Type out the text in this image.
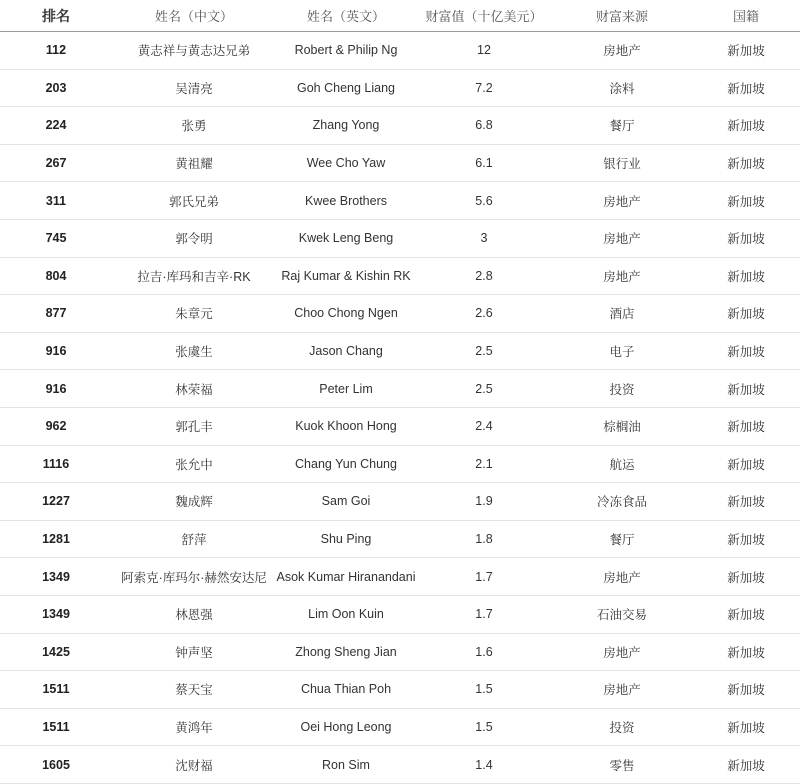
排名	姓名（中文）	姓名（英文）	财富值（十亿美元）	财富来源	国籍
112	黄志祥与黄志达兄弟	Robert & Philip Ng	12	房地产	新加坡
203	吴清亮	Goh Cheng Liang	7.2	涂料	新加坡
224	张勇	Zhang Yong	6.8	餐厅	新加坡
267	黄祖耀	Wee Cho Yaw	6.1	银行业	新加坡
311	郭氏兄弟	Kwee Brothers	5.6	房地产	新加坡
745	郭令明	Kwek Leng Beng	3	房地产	新加坡
804	拉吉·库玛和吉辛·RK	Raj Kumar & Kishin RK	2.8	房地产	新加坡
877	朱章元	Choo Chong Ngen	2.6	酒店	新加坡
916	张虞生	Jason Chang	2.5	电子	新加坡
916	林荣福	Peter Lim	2.5	投资	新加坡
962	郭孔丰	Kuok Khoon Hong	2.4	棕榈油	新加坡
1116	张允中	Chang Yun Chung	2.1	航运	新加坡
1227	魏成辉	Sam Goi	1.9	冷冻食品	新加坡
1281	舒萍	Shu Ping	1.8	餐厅	新加坡
1349	阿索克·库玛尔·赫然安达尼 Asok Kumar Hiranandani	1.7	房地产	新加坡
1349	林恩强	Lim Oon Kuin	1.7	石油交易	新加坡
1425	钟声坚	Zhong Sheng Jian	1.6	房地产	新加坡
1511	蔡天宝	Chua Thian Poh	1.5	房地产	新加坡
1511	黄鸿年	Oei Hong Leong	1.5	投资	新加坡
1605	沈财福	Ron Sim	1.4	零售	新加坡
